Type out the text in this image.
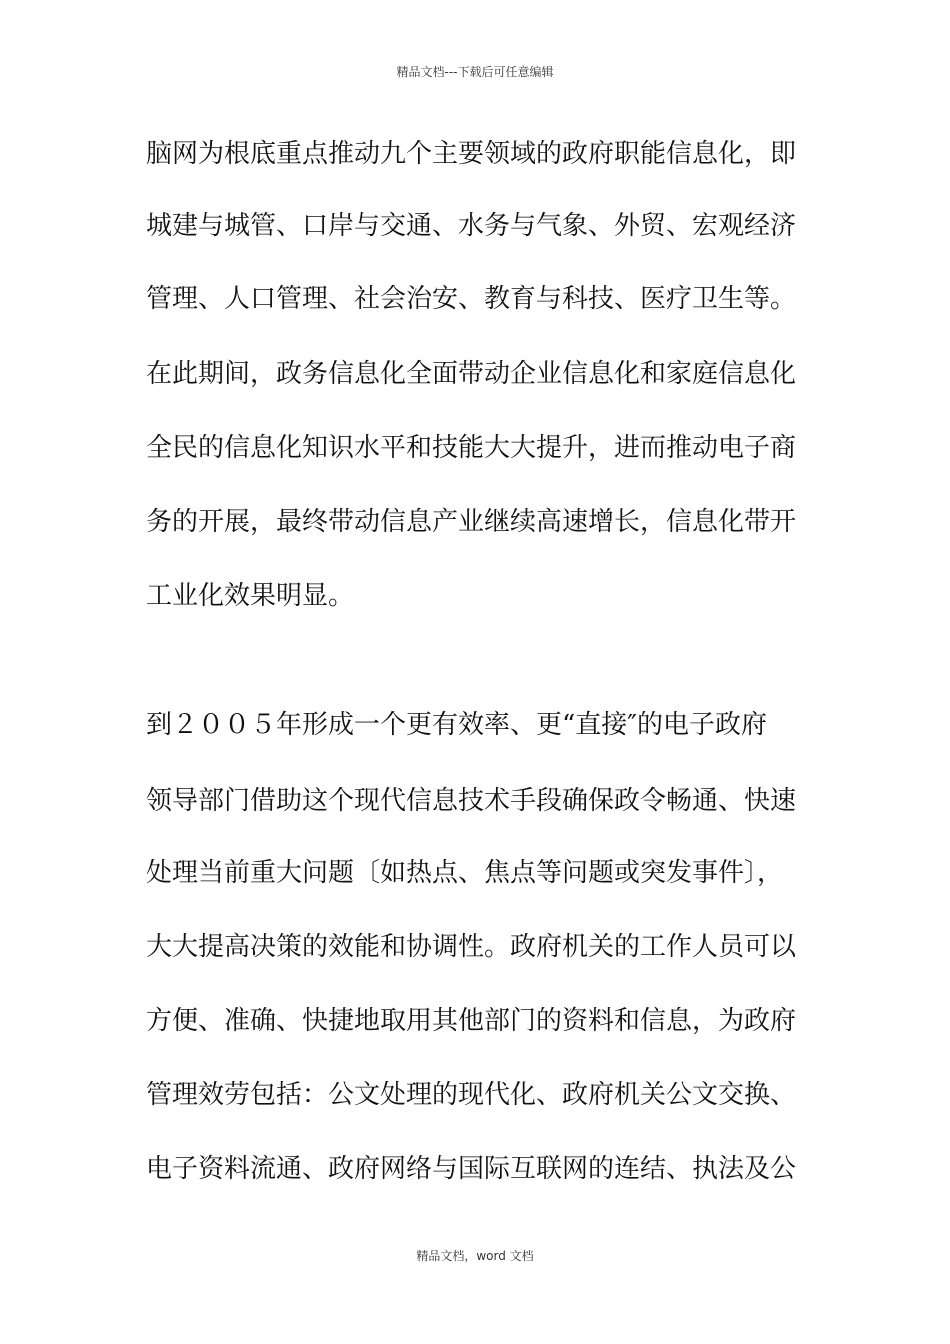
精品文档---下载后可任意编辑
脑网为根底重点推动九个主要领域的政府职能信息化，即
城建与城管、口岸与交通、水务与气象、外贸、宏观经济
管理、人口管理、社会治安、教育与科技、医疗卫生等。
在此期间，政务信息化全面带动企业信息化和家庭信息化
全民的信息化知识水平和技能大大提升，进而推动电子商
务的开展，最终带动信息产业继续高速增长，信息化带开
工业化效果明显。
到２００５年形成一个更有效率、更“直接″的电子政府
领导部门借助这个现代信息技术手段确保政令畅通、快速
处理当前重大问题〔如热点、焦点等问题或突发事件〕，
大大提高决策的效能和协调性。政府机关的工作人员可以
方便、准确、快捷地取用其他部门的资料和信息，为政府
管理效劳包括：公文处理的现代化、政府机关公文交换、
电子资料流通、政府网络与国际互联网的连结、执法及公
精品文档，word 文档
